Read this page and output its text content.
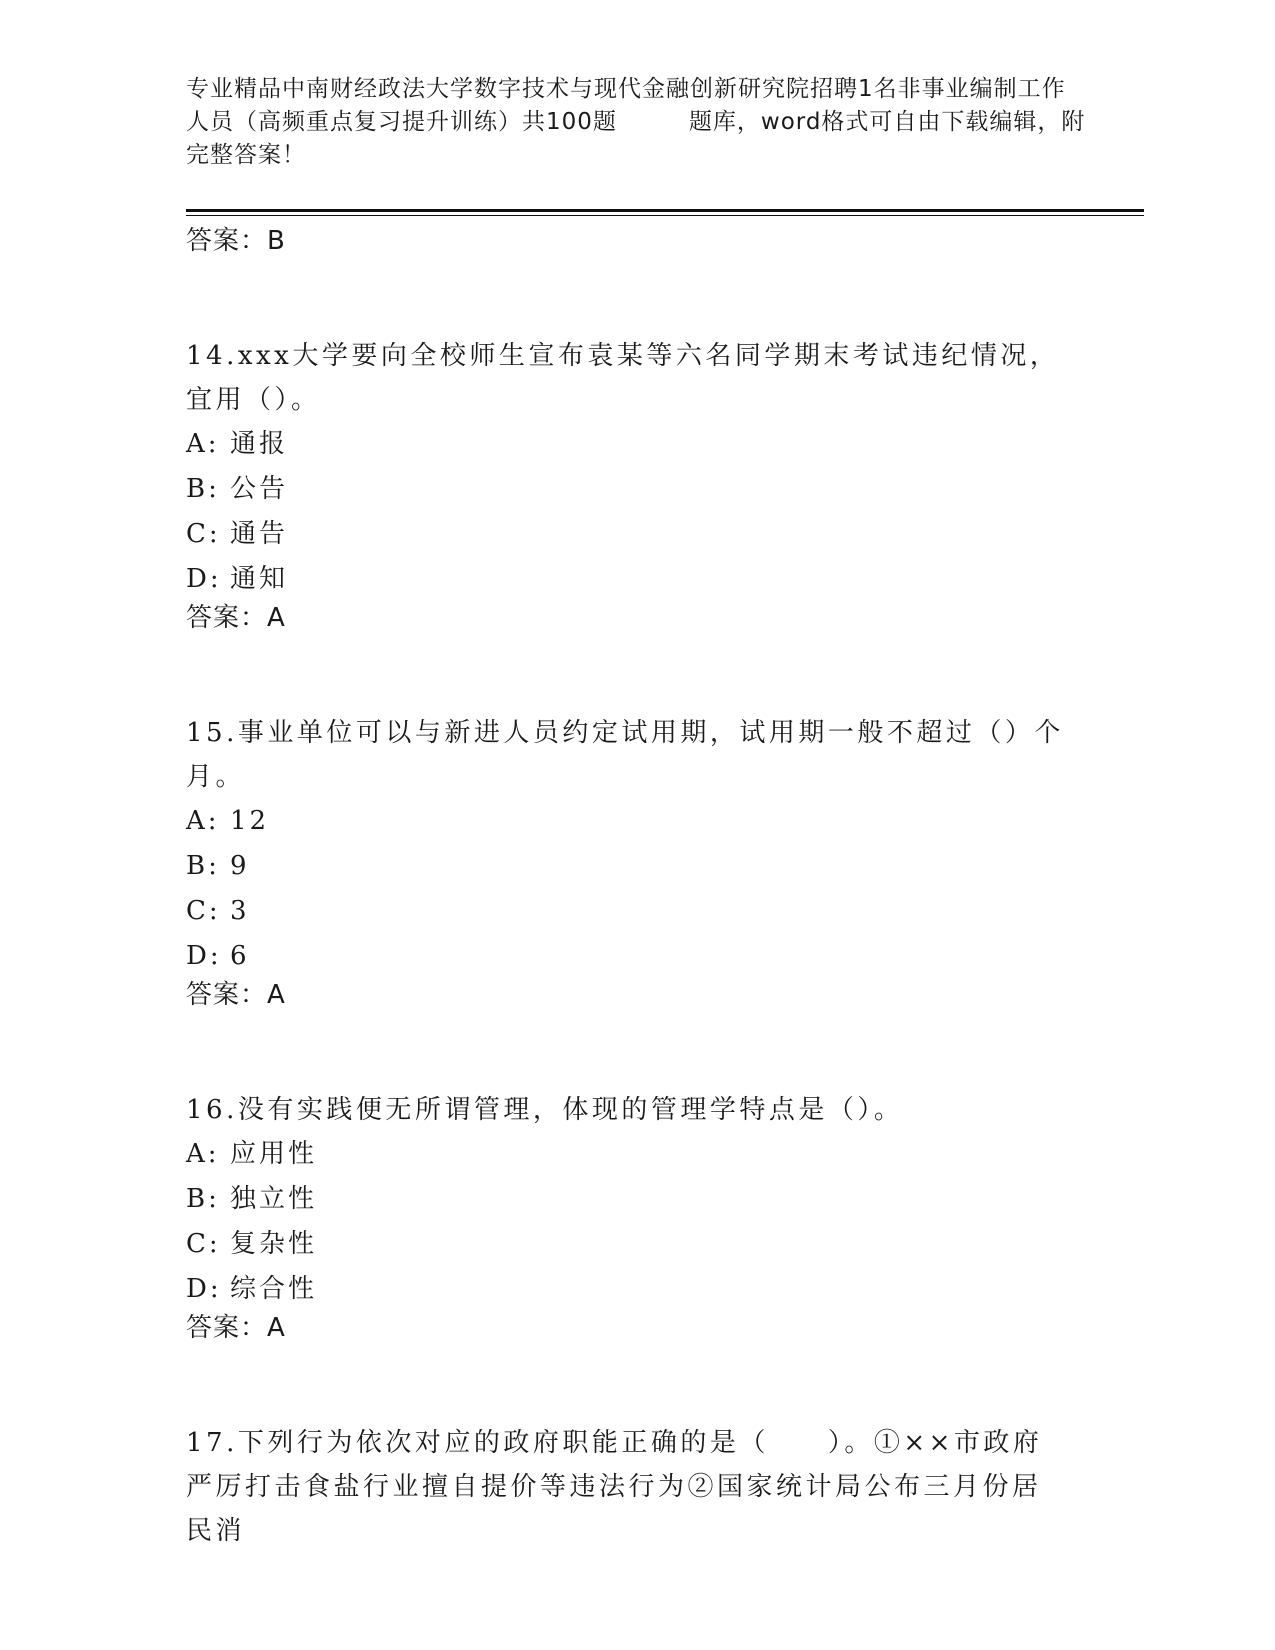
专业精品中南财经政法大学数字技术与现代金融创新研究院招聘1名非事业编制工作人员（高频重点复习提升训练）共100题　　　题库，word格式可自由下载编辑，附完整答案！

答案：B

14.xxx大学要向全校师生宣布袁某等六名同学期末考试违纪情况，宜用（）。

A: 通报

B: 公告

C: 通告

D: 通知

答案：A

15.事业单位可以与新进人员约定试用期，试用期一般不超过（）个月。

A: 12

B: 9

C: 3

D: 6

答案：A

16.没有实践便无所谓管理，体现的管理学特点是（）。

A: 应用性

B: 独立性

C: 复杂性

D: 综合性

答案：A

17.下列行为依次对应的政府职能正确的是（　　）。①××市政府严厉打击食盐行业擅自提价等违法行为②国家统计局公布三月份居民消
